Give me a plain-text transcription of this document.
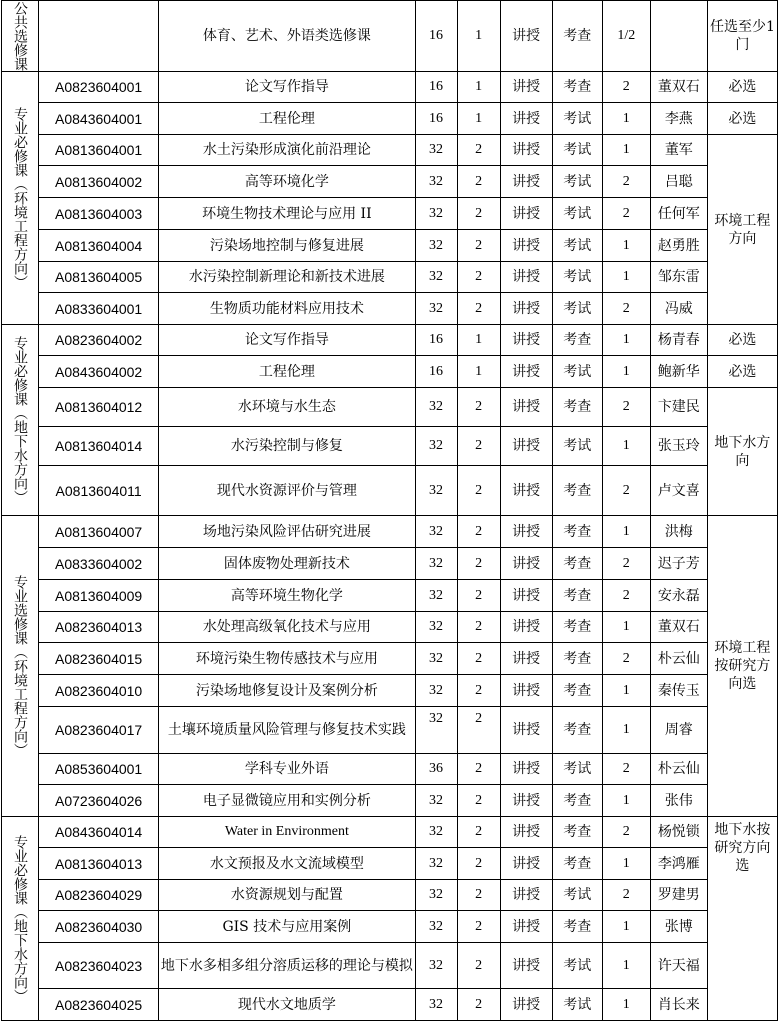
公共选修课		体育、艺术、外语类选修课	16	1	讲授	考查	1/2		任选至少1门
专业必修课（环境工程方向）	A0823604001	论文写作指导	16	1	讲授	考查	2	董双石	必选
	A0843604001	工程伦理	16	1	讲授	考试	1	李燕	必选
	A0813604001	水土污染形成演化前沿理论	32	2	讲授	考试	1	董军	环境工程方向
	A0813604002	高等环境化学	32	2	讲授	考试	2	吕聪	
	A0813604003	环境生物技术理论与应用 II	32	2	讲授	考试	2	任何军	
	A0813604004	污染场地控制与修复进展	32	2	讲授	考试	1	赵勇胜	
	A0813604005	水污染控制新理论和新技术进展	32	2	讲授	考试	1	邹东雷	
	A0833604001	生物质功能材料应用技术	32	2	讲授	考试	2	冯威	
专业必修课（地下水方向）	A0823604002	论文写作指导	16	1	讲授	考查	1	杨青春	必选
	A0843604002	工程伦理	16	1	讲授	考试	1	鲍新华	必选
	A0813604012	水环境与水生态	32	2	讲授	考查	2	卞建民	地下水方向
	A0813604014	水污染控制与修复	32	2	讲授	考试	1	张玉玲	
	A0813604011	现代水资源评价与管理	32	2	讲授	考查	2	卢文喜	
专业选修课（环境工程方向）	A0813604007	场地污染风险评估研究进展	32	2	讲授	考查	1	洪梅	环境工程按研究方向选
	A0833604002	固体废物处理新技术	32	2	讲授	考查	2	迟子芳	
	A0813604009	高等环境生物化学	32	2	讲授	考查	2	安永磊	
	A0823604013	水处理高级氧化技术与应用	32	2	讲授	考查	1	董双石	
	A0823604015	环境污染生物传感技术与应用	32	2	讲授	考查	2	朴云仙	
	A0823604010	污染场地修复设计及案例分析	32	2	讲授	考查	1	秦传玉	
	A0823604017	土壤环境质量风险管理与修复技术实践	32	2	讲授	考查	1	周睿	
	A0853604001	学科专业外语	36	2	讲授	考试	2	朴云仙	
	A0723604026	电子显微镜应用和实例分析	32	2	讲授	考查	1	张伟	
专业必修课（地下水方向）	A0843604014	Water in Environment	32	2	讲授	考查	2	杨悦锁	地下水按研究方向选
	A0813604013	水文预报及水文流域模型	32	2	讲授	考查	1	李鸿雁	
	A0823604029	水资源规划与配置	32	2	讲授	考试	2	罗建男	
	A0823604030	GIS 技术与应用案例	32	2	讲授	考查	1	张博	
	A0823604023	地下水多相多组分溶质运移的理论与模拟	32	2	讲授	考试	1	许天福	
	A0823604025	现代水文地质学	32	2	讲授	考试	1	肖长来	
